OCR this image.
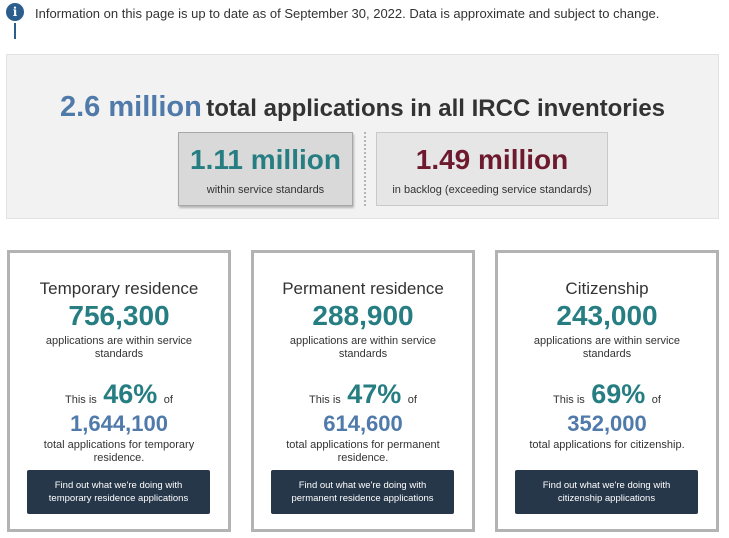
i	Information on this page is up to date as of September 30, 2022. Data is approximate and subject to change.
2.6 million total applications in all IRCC inventories
1.11 million
within service standards
1.49 million
in backlog (exceeding service standards)
Temporary residence
756,300
applications are within service standards
This is 46% of
1,644,100
total applications for temporary residence.
Find out what we're doing with temporary residence applications
Permanent residence
288,900
applications are within service standards
This is 47% of
614,600
total applications for permanent residence.
Find out what we're doing with permanent residence applications
Citizenship
243,000
applications are within service standards
This is 69% of
352,000
total applications for citizenship.
Find out what we're doing with citizenship applications
